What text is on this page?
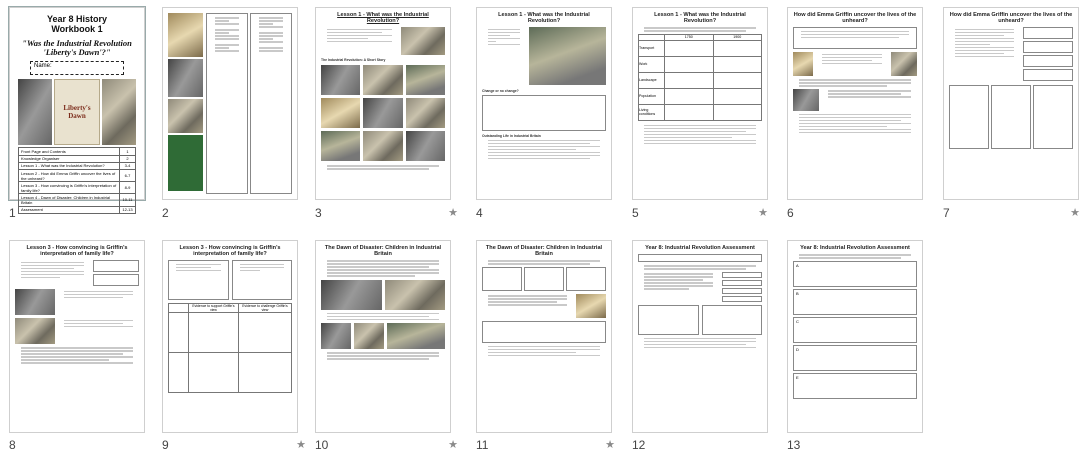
Year 8 History
Workbook 1
"Was the Industrial Revolution 'Liberty's Dawn'?"
Name:
Liberty's Dawn
Front Page and Contents	1
Knowledge Organiser	2
Lesson 1 - What was the Industrial Revolution?	3-4
Lesson 2 - How did Emma Griffin uncover the lives of the unheard?	6-7
Lesson 3 - How convincing is Griffin's interpretation of family life?	8-9
Lesson 4 - Dawn of Disaster: Children in Industrial Britain	10-11
Assessment	12-13
1	2
Lesson 1 - What was the Industrial Revolution?
The Industrial Revolution: A Short Story
3	★
Lesson 1 - What was the Industrial Revolution?
Change or no change?
Outstanding Life in Industrial Britain
4
Lesson 1 - What was the Industrial Revolution?
	1750	1900
Transport		
Work		
Landscape		
Population		
Living conditions		
5	★
How did Emma Griffin uncover the lives of the unheard?
6
How did Emma Griffin uncover the lives of the unheard?
7	★
Lesson 3 - How convincing is Griffin's interpretation of family life?
8
Lesson 3 - How convincing is Griffin's interpretation of family life?
	Evidence to support Griffin's view	Evidence to challenge Griffin's view

9	★
The Dawn of Disaster: Children in Industrial Britain
10	★
The Dawn of Disaster: Children in Industrial Britain
11	★
Year 8: Industrial Revolution Assessment
12
Year 8: Industrial Revolution Assessment
A
B
C
D
E
13
